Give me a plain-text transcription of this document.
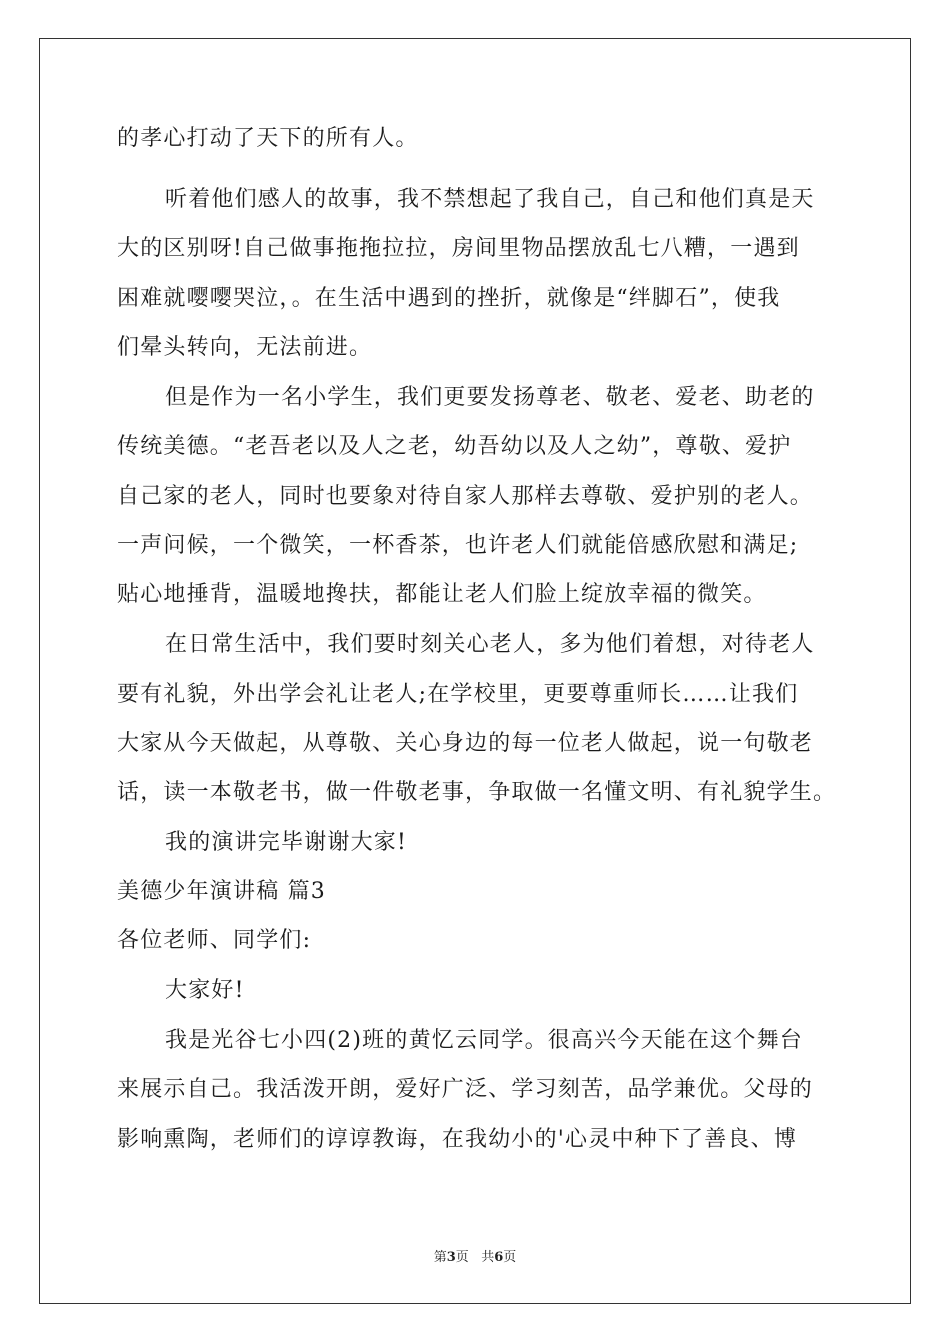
的孝心打动了天下的所有人。
听着他们感人的故事，我不禁想起了我自己，自己和他们真是天
大的区别呀!自己做事拖拖拉拉，房间里物品摆放乱七八糟，一遇到
困难就嘤嘤哭泣，。在生活中遇到的挫折，就像是“绊脚石”，使我
们晕头转向，无法前进。
但是作为一名小学生，我们更要发扬尊老、敬老、爱老、助老的
传统美德。“老吾老以及人之老，幼吾幼以及人之幼”，尊敬、爱护
自己家的老人，同时也要象对待自家人那样去尊敬、爱护别的老人。
一声问候，一个微笑，一杯香茶，也许老人们就能倍感欣慰和满足;
贴心地捶背，温暖地搀扶，都能让老人们脸上绽放幸福的微笑。
在日常生活中，我们要时刻关心老人，多为他们着想，对待老人
要有礼貌，外出学会礼让老人;在学校里，更要尊重师长……让我们
大家从今天做起，从尊敬、关心身边的每一位老人做起，说一句敬老
话，读一本敬老书，做一件敬老事，争取做一名懂文明、有礼貌学生。
我的演讲完毕谢谢大家!
美德少年演讲稿 篇3
各位老师、同学们:
大家好!
我是光谷七小四(2)班的黄忆云同学。很高兴今天能在这个舞台
来展示自己。我活泼开朗，爱好广泛、学习刻苦，品学兼优。父母的
影响熏陶，老师们的谆谆教诲，在我幼小的'心灵中种下了善良、博
第3页 共6页
